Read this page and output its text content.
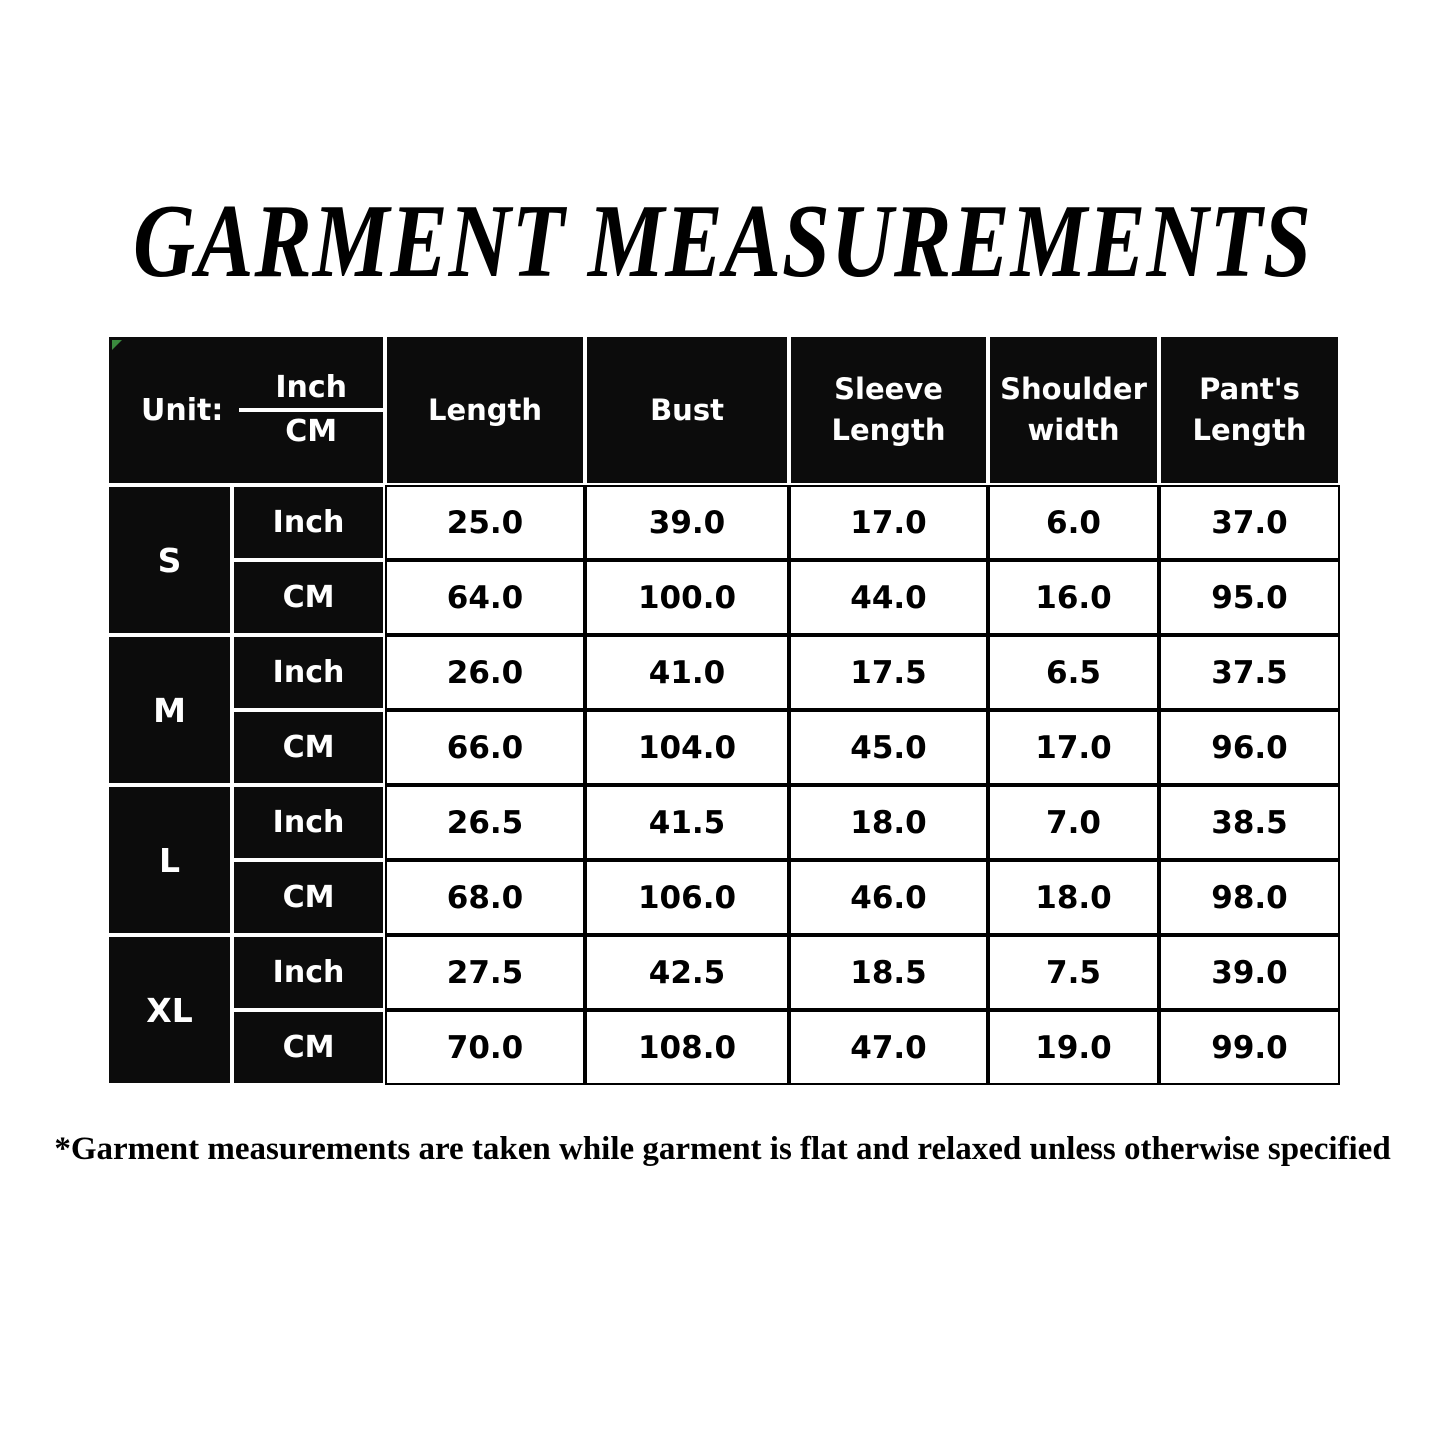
GARMENT MEASUREMENTS
Unit: $\frac{\text{Inch}}{CM}$		Length	Bust	Sleeve Length	Shoulder width	Pant's Length
S	Inch	25.0	39.0	17.0	6.0	37.0
	CM	64.0	100.0	44.0	16.0	95.0
M	Inch	26.0	41.0	17.5	6.5	37.5
	CM	66.0	104.0	45.0	17.0	96.0
L	Inch	26.5	41.5	18.0	7.0	38.5
	CM	68.0	106.0	46.0	18.0	98.0
XL	Inch	27.5	42.5	18.5	7.5	39.0
	CM	70.0	108.0	47.0	19.0	99.0

*Garment measurements are taken while garment is flat and relaxed unless otherwise specified
